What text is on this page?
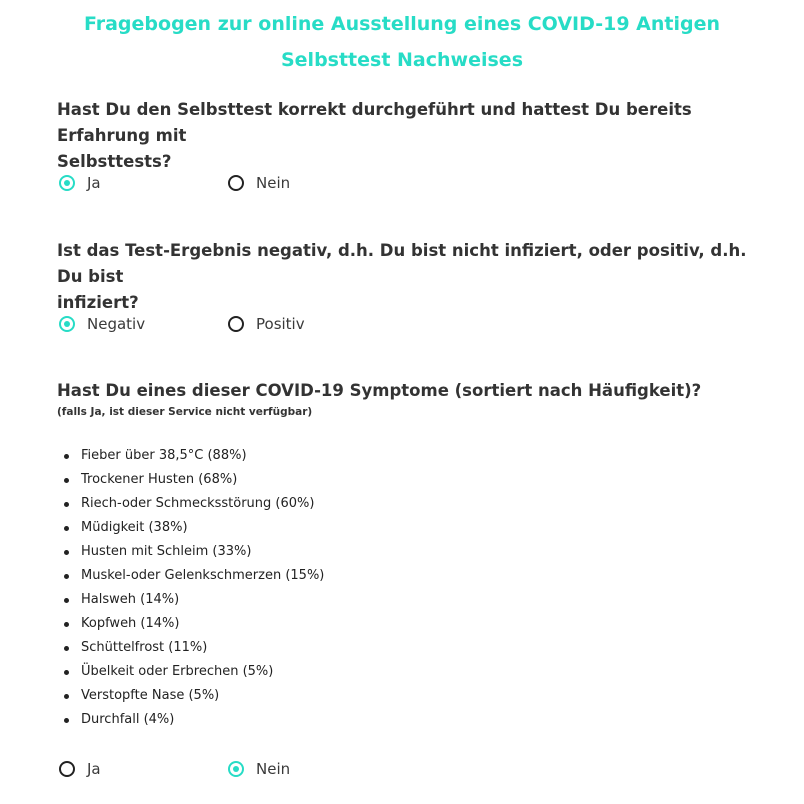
Fragebogen zur online Ausstellung eines COVID-19 Antigen
Selbsttest Nachweises
Hast Du den Selbsttest korrekt durchgeführt und hattest Du bereits Erfahrung mit
Selbsttests?
Ja	Nein
Ist das Test-Ergebnis negativ, d.h. Du bist nicht infiziert, oder positiv, d.h. Du bist
infiziert?
Negativ	Positiv
Hast Du eines dieser COVID-19 Symptome (sortiert nach Häufigkeit)?
(falls Ja, ist dieser Service nicht verfügbar)
Fieber über 38,5°C (88%)
Trockener Husten (68%)
Riech-oder Schmecksstörung (60%)
Müdigkeit (38%)
Husten mit Schleim (33%)
Muskel-oder Gelenkschmerzen (15%)
Halsweh (14%)
Kopfweh (14%)
Schüttelfrost (11%)
Übelkeit oder Erbrechen (5%)
Verstopfte Nase (5%)
Durchfall (4%)
Ja	Nein
